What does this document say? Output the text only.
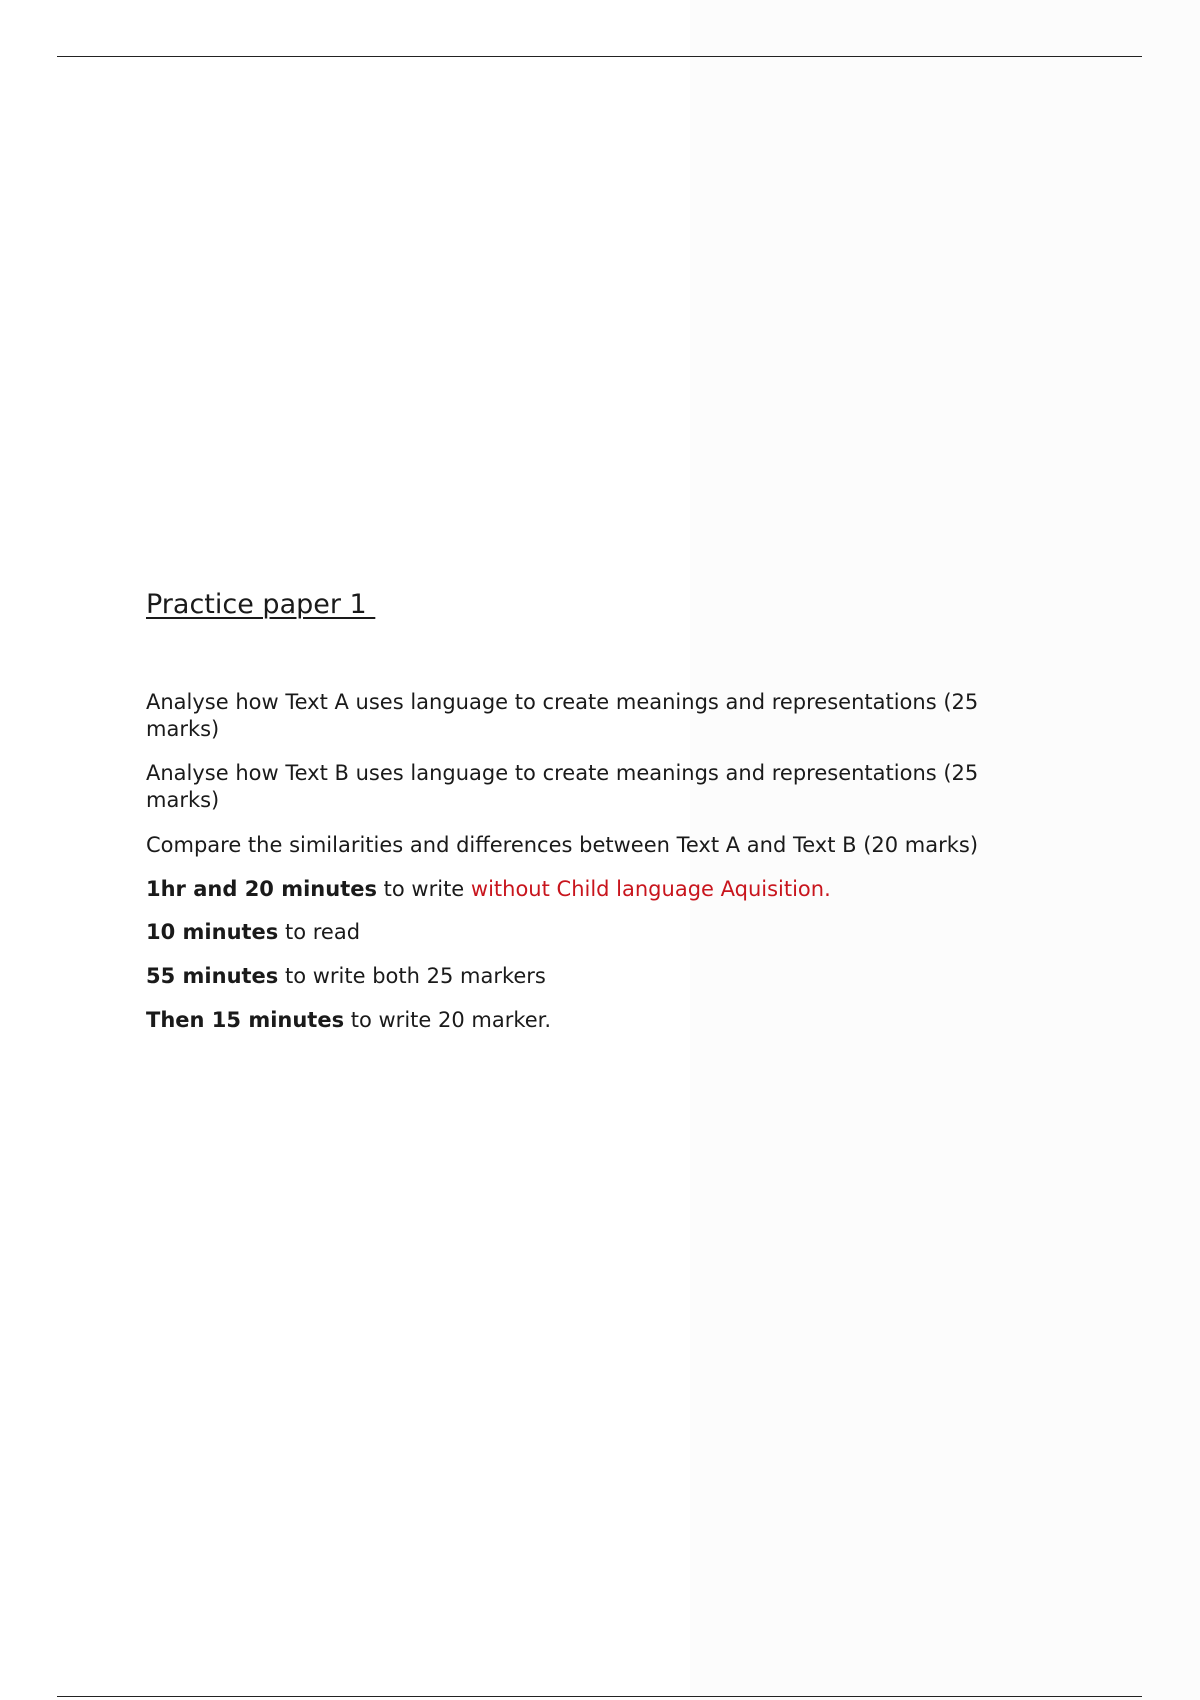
Practice paper 1

Analyse how Text A uses language to create meanings and representations (25 marks)

Analyse how Text B uses language to create meanings and representations (25 marks)

Compare the similarities and differences between Text A and Text B (20 marks)

1hr and 20 minutes to write without Child language Aquisition.

10 minutes to read

55 minutes to write both 25 markers

Then 15 minutes to write 20 marker.
